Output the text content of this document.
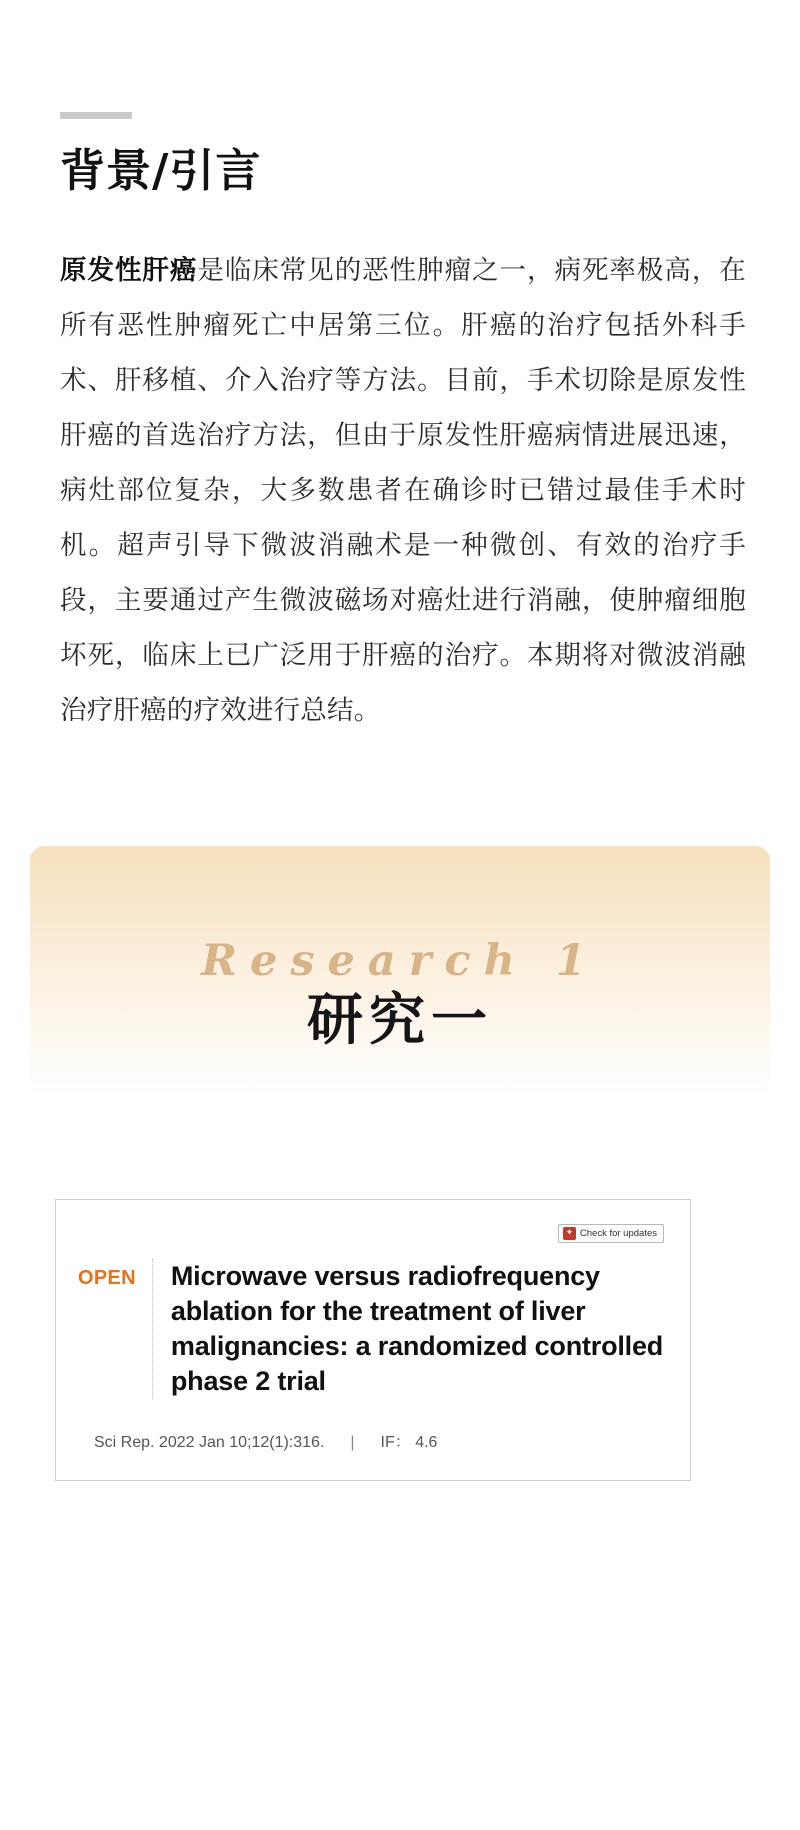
背景/引言
原发性肝癌是临床常见的恶性肿瘤之一，病死率极高，在所有恶性肿瘤死亡中居第三位。肝癌的治疗包括外科手术、肝移植、介入治疗等方法。目前，手术切除是原发性肝癌的首选治疗方法，但由于原发性肝癌病情进展迅速，病灶部位复杂，大多数患者在确诊时已错过最佳手术时机。超声引导下微波消融术是一种微创、有效的治疗手段，主要通过产生微波磁场对癌灶进行消融，使肿瘤细胞坏死，临床上已广泛用于肝癌的治疗。本期将对微波消融治疗肝癌的疗效进行总结。
Research 1
研究一
✦ Check for updates
OPEN	Microwave versus radiofrequency ablation for the treatment of liver malignancies: a randomized controlled phase 2 trial
Sci Rep. 2022 Jan 10;12(1):316.	|	IF： 4.6
